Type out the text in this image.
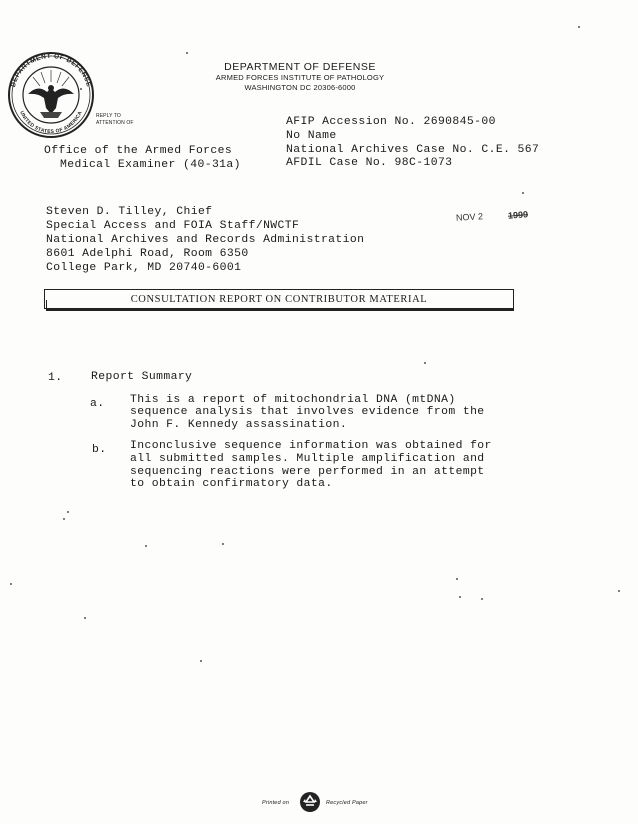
DEPARTMENT OF DEFENSE
UNITED STATES OF AMERICA
DEPARTMENT OF DEFENSE
ARMED FORCES INSTITUTE OF PATHOLOGY
WASHINGTON DC 20306-6000
REPLY TO
ATTENTION OF
Office of the Armed Forces
Medical Examiner (40-31a)
AFIP Accession No. 2690845-00
No Name
National Archives Case No. C.E. 567
AFDIL Case No. 98C-1073
Steven D. Tilley, Chief
Special Access and FOIA Staff/NWCTF
National Archives and Records Administration
8601 Adelphi Road, Room 6350
College Park, MD 20740-6001
NOV 2	1999
CONSULTATION REPORT ON CONTRIBUTOR MATERIAL
1.	Report Summary
a. This is a report of mitochondrial DNA (mtDNA)
sequence analysis that involves evidence from the
John F. Kennedy assassination.
b. Inconclusive sequence information was obtained for
all submitted samples. Multiple amplification and
sequencing reactions were performed in an attempt
to obtain confirmatory data.
Printed on	Recycled Paper
